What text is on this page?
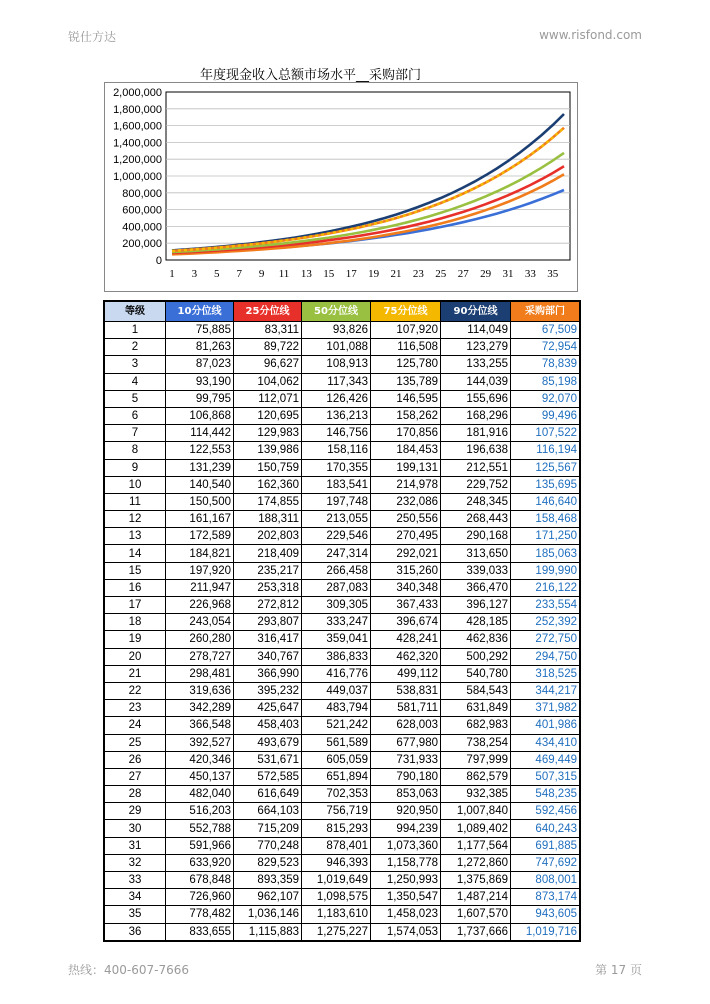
锐仕方达	www.risfond.com
年度现金收入总额市场水平__采购部门
0
200,000
400,000
600,000
800,000
1,000,000
1,200,000
1,400,000
1,600,000
1,800,000
2,000,000
1 3 5 7 9 11 13 15 17 19 21 23 25 27 29 31 33 35
等级	10分位线	25分位线	50分位线	75分位线	90分位线	采购部门
1	75,885	83,311	93,826	107,920	114,049	67,509
2	81,263	89,722	101,088	116,508	123,279	72,954
3	87,023	96,627	108,913	125,780	133,255	78,839
4	93,190	104,062	117,343	135,789	144,039	85,198
5	99,795	112,071	126,426	146,595	155,696	92,070
6	106,868	120,695	136,213	158,262	168,296	99,496
7	114,442	129,983	146,756	170,856	181,916	107,522
8	122,553	139,986	158,116	184,453	196,638	116,194
9	131,239	150,759	170,355	199,131	212,551	125,567
10	140,540	162,360	183,541	214,978	229,752	135,695
11	150,500	174,855	197,748	232,086	248,345	146,640
12	161,167	188,311	213,055	250,556	268,443	158,468
13	172,589	202,803	229,546	270,495	290,168	171,250
14	184,821	218,409	247,314	292,021	313,650	185,063
15	197,920	235,217	266,458	315,260	339,033	199,990
16	211,947	253,318	287,083	340,348	366,470	216,122
17	226,968	272,812	309,305	367,433	396,127	233,554
18	243,054	293,807	333,247	396,674	428,185	252,392
19	260,280	316,417	359,041	428,241	462,836	272,750
20	278,727	340,767	386,833	462,320	500,292	294,750
21	298,481	366,990	416,776	499,112	540,780	318,525
22	319,636	395,232	449,037	538,831	584,543	344,217
23	342,289	425,647	483,794	581,711	631,849	371,982
24	366,548	458,403	521,242	628,003	682,983	401,986
25	392,527	493,679	561,589	677,980	738,254	434,410
26	420,346	531,671	605,059	731,933	797,999	469,449
27	450,137	572,585	651,894	790,180	862,579	507,315
28	482,040	616,649	702,353	853,063	932,385	548,235
29	516,203	664,103	756,719	920,950	1,007,840	592,456
30	552,788	715,209	815,293	994,239	1,089,402	640,243
31	591,966	770,248	878,401	1,073,360	1,177,564	691,885
32	633,920	829,523	946,393	1,158,778	1,272,860	747,692
33	678,848	893,359	1,019,649	1,250,993	1,375,869	808,001
34	726,960	962,107	1,098,575	1,350,547	1,487,214	873,174
35	778,482	1,036,146	1,183,610	1,458,023	1,607,570	943,605
36	833,655	1,115,883	1,275,227	1,574,053	1,737,666	1,019,716
热线：400-607-7666	第 17 页
